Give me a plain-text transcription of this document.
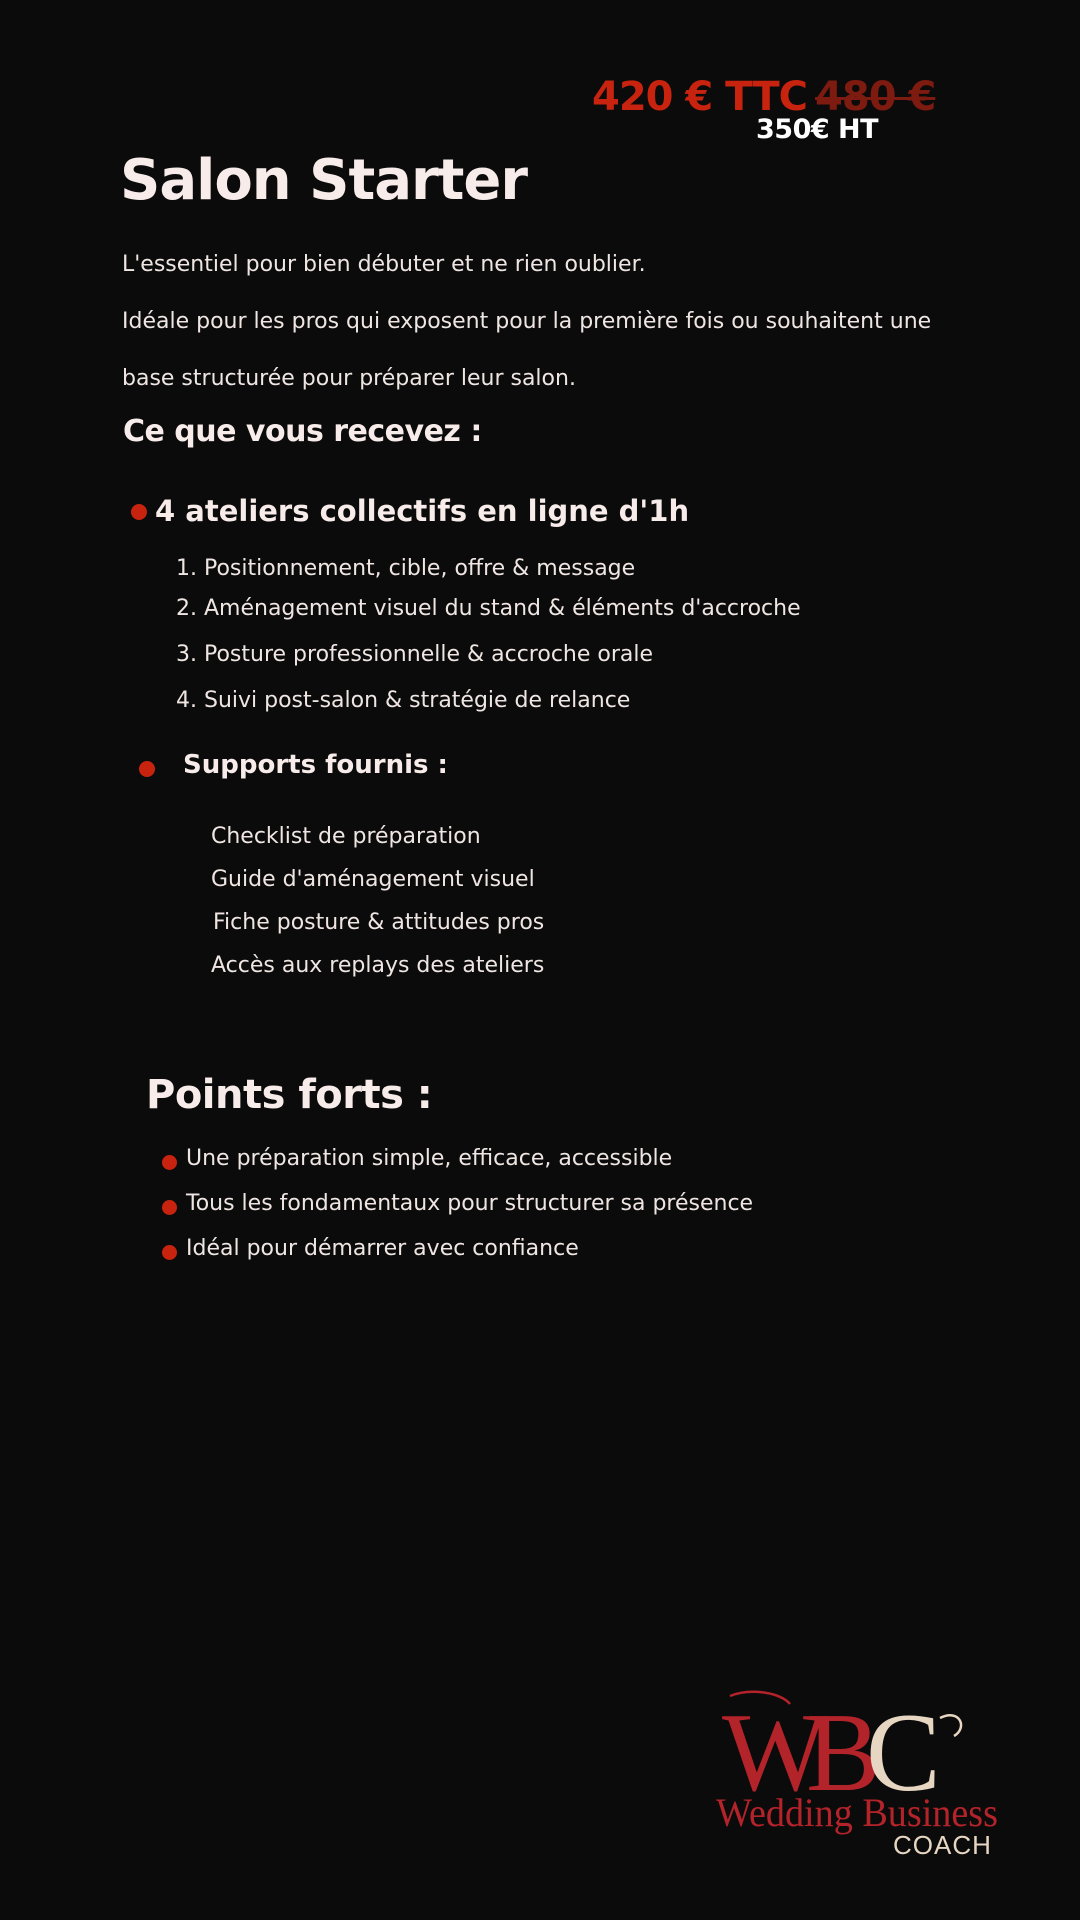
420 € TTC 480 €
350€ HT
Salon Starter
L'essentiel pour bien débuter et ne rien oublier.
Idéale pour les pros qui exposent pour la première fois ou souhaitent une
base structurée pour préparer leur salon.
Ce que vous recevez :
4 ateliers collectifs en ligne d'1h
1. Positionnement, cible, offre & message
2. Aménagement visuel du stand & éléments d'accroche
3. Posture professionnelle & accroche orale
4. Suivi post-salon & stratégie de relance
Supports fournis :
Checklist de préparation
Guide d'aménagement visuel
Fiche posture & attitudes pros
Accès aux replays des ateliers
Points forts :
Une préparation simple, efficace, accessible
Tous les fondamentaux pour structurer sa présence
Idéal pour démarrer avec confiance
W
B
C
Wedding Business
COACH
